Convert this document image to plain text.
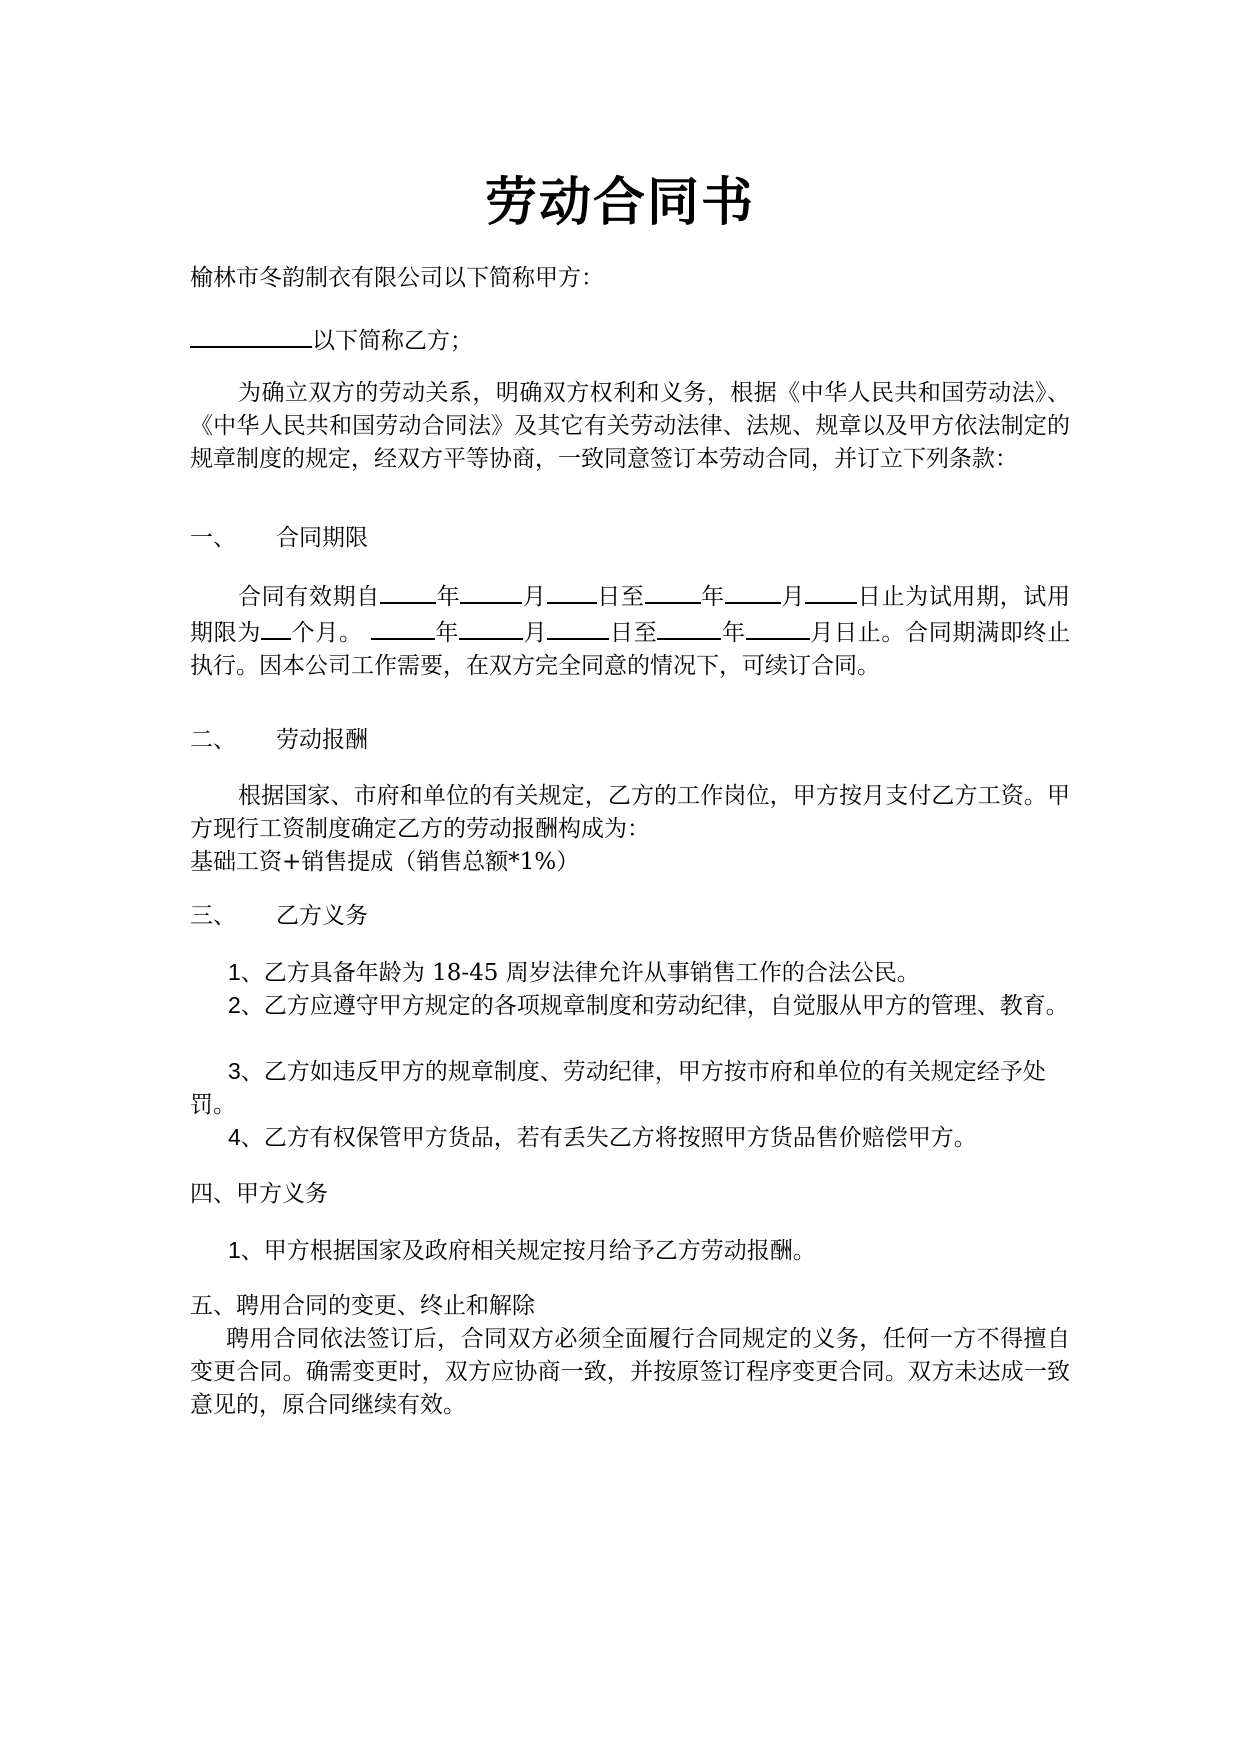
劳动合同书
榆林市冬韵制衣有限公司以下简称甲方：
以下简称乙方；
为确立双方的劳动关系，明确双方权利和义务，根据《中华人民共和国劳动法》、《中华人民共和国劳动合同法》及其它有关劳动法律、法规、规章以及甲方依法制定的规章制度的规定，经双方平等协商，一致同意签订本劳动合同，并订立下列条款：
一、 合同期限
合同有效期自 年	月 日至 年 月 日止为试用期，试用期限为 个月。	年	月	日至	年	月日止。合同期满即终止执行。因本公司工作需要，在双方完全同意的情况下，可续订合同。
二、 劳动报酬
根据国家、市府和单位的有关规定，乙方的工作岗位，甲方按月支付乙方工资。甲方现行工资制度确定乙方的劳动报酬构成为：
基础工资+销售提成（销售总额*1%）
三、 乙方义务
1、乙方具备年龄为 18-45 周岁法律允许从事销售工作的合法公民。
2、乙方应遵守甲方规定的各项规章制度和劳动纪律，自觉服从甲方的管理、教育。
3、乙方如违反甲方的规章制度、劳动纪律，甲方按市府和单位的有关规定经予处罚。
4、乙方有权保管甲方货品，若有丢失乙方将按照甲方货品售价赔偿甲方。
四、甲方义务
1、甲方根据国家及政府相关规定按月给予乙方劳动报酬。
五、聘用合同的变更、终止和解除
聘用合同依法签订后，合同双方必须全面履行合同规定的义务，任何一方不得擅自变更合同。确需变更时，双方应协商一致，并按原签订程序变更合同。双方未达成一致意见的，原合同继续有效。
